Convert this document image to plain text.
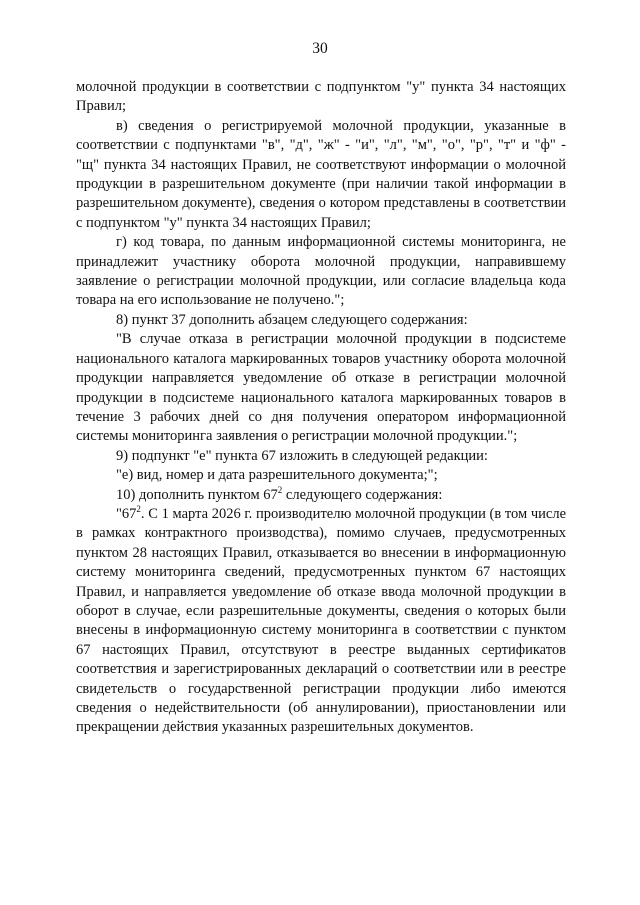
30

молочной продукции в соответствии с подпунктом "у" пункта 34 настоящих Правил;

в) сведения о регистрируемой молочной продукции, указанные в соответствии с подпунктами "в", "д", "ж" - "и", "л", "м", "о", "р", "т" и "ф" - "щ" пункта 34 настоящих Правил, не соответствуют информации о молочной продукции в разрешительном документе (при наличии такой информации в разрешительном документе), сведения о котором представлены в соответствии с подпунктом "у" пункта 34 настоящих Правил;

г) код товара, по данным информационной системы мониторинга, не принадлежит участнику оборота молочной продукции, направившему заявление о регистрации молочной продукции, или согласие владельца кода товара на его использование не получено.";

8) пункт 37 дополнить абзацем следующего содержания:

"В случае отказа в регистрации молочной продукции в подсистеме национального каталога маркированных товаров участнику оборота молочной продукции направляется уведомление об отказе в регистрации молочной продукции в подсистеме национального каталога маркированных товаров в течение 3 рабочих дней со дня получения оператором информационной системы мониторинга заявления о регистрации молочной продукции.";

9) подпункт "е" пункта 67 изложить в следующей редакции:

"е) вид, номер и дата разрешительного документа;";

10) дополнить пунктом $67^2$ следующего содержания:

"$67^2$. С 1 марта 2026 г. производителю молочной продукции (в том числе в рамках контрактного производства), помимо случаев, предусмотренных пунктом 28 настоящих Правил, отказывается во внесении в информационную систему мониторинга сведений, предусмотренных пунктом 67 настоящих Правил, и направляется уведомление об отказе ввода молочной продукции в оборот в случае, если разрешительные документы, сведения о которых были внесены в информационную систему мониторинга в соответствии с пунктом 67 настоящих Правил, отсутствуют в реестре выданных сертификатов соответствия и зарегистрированных деклараций о соответствии или в реестре свидетельств о государственной регистрации продукции либо имеются сведения о недействительности (об аннулировании), приостановлении или прекращении действия указанных разрешительных документов.
